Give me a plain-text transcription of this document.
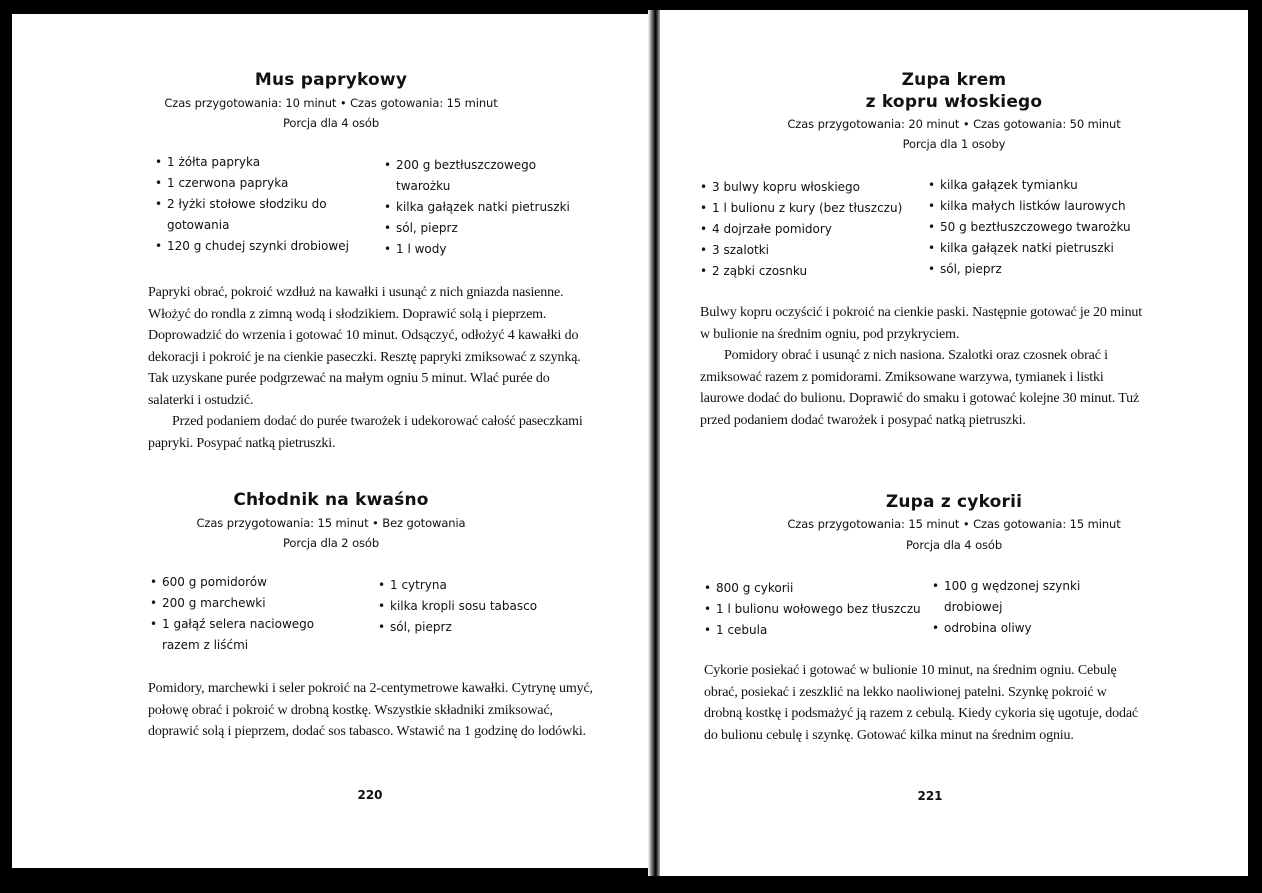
Mus paprykowy
Czas przygotowania: 10 minut • Czas gotowania: 15 minut
Porcja dla 4 osób
• 1 żółta papryka
• 1 czerwona papryka
• 2 łyżki stołowe słodziku do gotowania
• 120 g chudej szynki drobiowej
• 200 g beztłuszczowego twarożku
• kilka gałązek natki pietruszki
• sól, pieprz
• 1 l wody

Papryki obrać, pokroić wzdłuż na kawałki i usunąć z nich gniazda nasienne. Włożyć do rondla z zimną wodą i słodzikiem. Doprawić solą i pieprzem. Doprowadzić do wrzenia i gotować 10 minut. Odsączyć, odłożyć 4 kawałki do dekoracji i pokroić je na cienkie paseczki. Resztę papryki zmiksować z szynką. Tak uzyskane purée podgrzewać na małym ogniu 5 minut. Wlać purée do salaterki i ostudzić.

Przed podaniem dodać do purée twarożek i udekorować całość paseczkami papryki. Posypać natką pietruszki.

Chłodnik na kwaśno
Czas przygotowania: 15 minut • Bez gotowania
Porcja dla 2 osób
• 600 g pomidorów
• 200 g marchewki
• 1 gałąź selera naciowego razem z liśćmi
• 1 cytryna
• kilka kropli sosu tabasco
• sól, pieprz

Pomidory, marchewki i seler pokroić na 2-centymetrowe kawałki. Cytrynę umyć, połowę obrać i pokroić w drobną kostkę. Wszystkie składniki zmiksować, doprawić solą i pieprzem, dodać sos tabasco. Wstawić na 1 godzinę do lodówki.

220
Zupa krem
z kopru włoskiego
Czas przygotowania: 20 minut • Czas gotowania: 50 minut
Porcja dla 1 osoby
• 3 bulwy kopru włoskiego
• 1 l bulionu z kury (bez tłuszczu)
• 4 dojrzałe pomidory
• 3 szalotki
• 2 ząbki czosnku
• kilka gałązek tymianku
• kilka małych listków laurowych
• 50 g beztłuszczowego twarożku
• kilka gałązek natki pietruszki
• sól, pieprz

Bulwy kopru oczyścić i pokroić na cienkie paski. Następnie gotować je 20 minut w bulionie na średnim ogniu, pod przykryciem.

Pomidory obrać i usunąć z nich nasiona. Szalotki oraz czosnek obrać i zmiksować razem z pomidorami. Zmiksowane warzywa, tymianek i listki laurowe dodać do bulionu. Doprawić do smaku i gotować kolejne 30 minut. Tuż przed podaniem dodać twarożek i posypać natką pietruszki.

Zupa z cykorii
Czas przygotowania: 15 minut • Czas gotowania: 15 minut
Porcja dla 4 osób
• 800 g cykorii
• 1 l bulionu wołowego bez tłuszczu
• 1 cebula
• 100 g wędzonej szynki drobiowej
• odrobina oliwy

Cykorie posiekać i gotować w bulionie 10 minut, na średnim ogniu. Cebulę obrać, posiekać i zeszklić na lekko naoliwionej patelni. Szynkę pokroić w drobną kostkę i podsmażyć ją razem z cebulą. Kiedy cykoria się ugotuje, dodać do bulionu cebulę i szynkę. Gotować kilka minut na średnim ogniu.

221
